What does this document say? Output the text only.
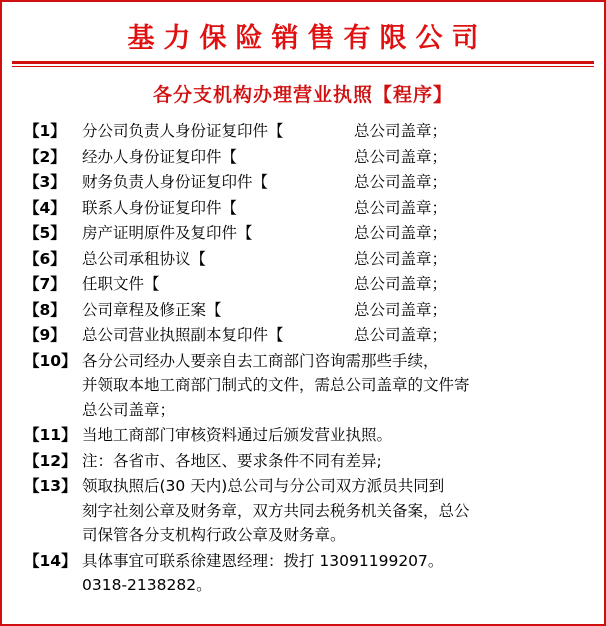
基力保险销售有限公司
各分支机构办理营业执照【程序】
【1】	分公司负责人身份证复印件【	总公司盖章；
【2】	经办人身份证复印件【	总公司盖章；
【3】	财务负责人身份证复印件【	总公司盖章；
【4】	联系人身份证复印件【	总公司盖章；
【5】	房产证明原件及复印件【	总公司盖章；
【6】	总公司承租协议【	总公司盖章；
【7】	任职文件【	总公司盖章；
【8】	公司章程及修正案【	总公司盖章；
【9】	总公司营业执照副本复印件【	总公司盖章；
【10】 各分公司经办人要亲自去工商部门咨询需那些手续，
并领取本地工商部门制式的文件，需总公司盖章的文件寄
总公司盖章；
【11】 当地工商部门审核资料通过后颁发营业执照。
【12】 注：各省市、各地区、要求条件不同有差异;
【13】 领取执照后(30 天内)总公司与分公司双方派员共同到
刻字社刻公章及财务章，双方共同去税务机关备案，总公
司保管各分支机构行政公章及财务章。
【14】 具体事宜可联系徐建恩经理：拨打 13091199207。
0318-2138282。
